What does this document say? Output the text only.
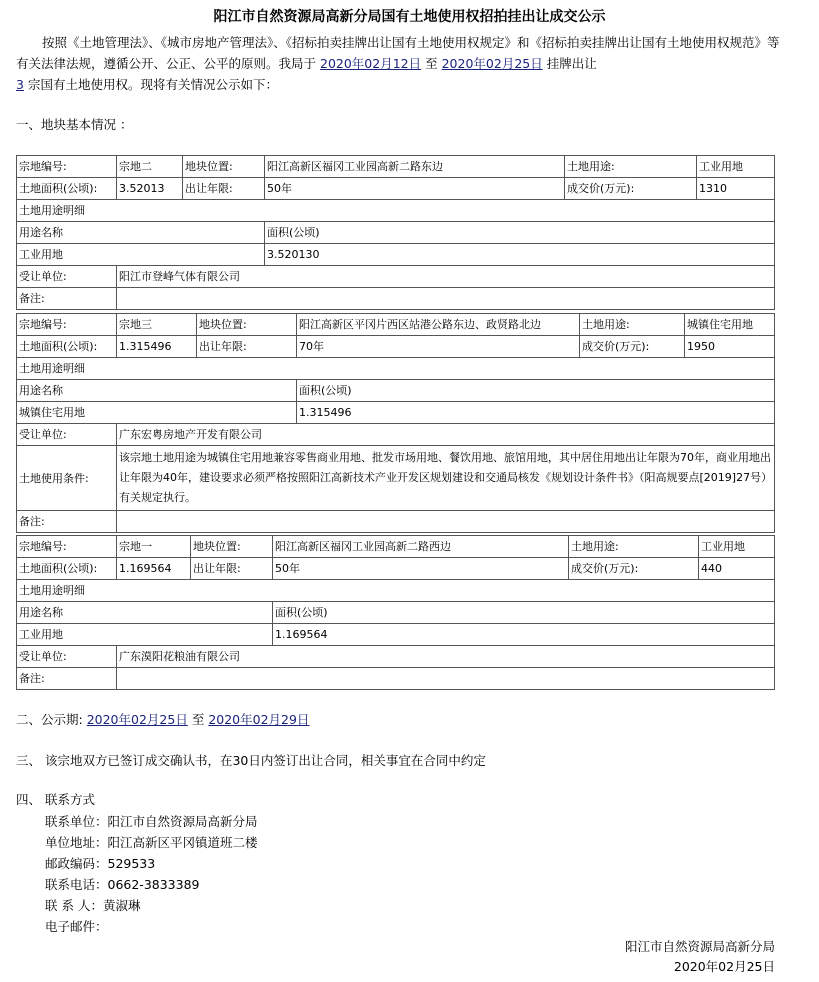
阳江市自然资源局高新分局国有土地使用权招拍挂出让成交公示
按照《土地管理法》、《城市房地产管理法》、《招标拍卖挂牌出让国有土地使用权规定》和《招标拍卖挂牌出让国有土地使用权规范》等有关法律法规，遵循公开、公正、公平的原则。我局于 2020年02月12日 至 2020年02月25日 挂牌出让
3 宗国有土地使用权。现将有关情况公示如下：
一、地块基本情况 ：
宗地编号:	宗地二	地块位置:	阳江高新区福冈工业园高新二路东边	土地用途:	工业用地
土地面积(公顷):	3.52013	出让年限:	50年	成交价(万元):	1310
土地用途明细					
用途名称			面积(公顷)		
工业用地			3.520130		
受让单位:	阳江市登峰气体有限公司				
备注:					
宗地编号:	宗地三	地块位置:	阳江高新区平冈片西区站港公路东边、政贤路北边	土地用途:	城镇住宅用地
土地面积(公顷):	1.315496	出让年限:	70年	成交价(万元):	1950
土地用途明细					
用途名称			面积(公顷)		
城镇住宅用地			1.315496		
受让单位:	广东宏粤房地产开发有限公司				
土地使用条件:	该宗地土地用途为城镇住宅用地兼容零售商业用地、批发市场用地、餐饮用地、旅馆用地，其中居住用地出让年限为70年，商业用地出让年限为40年，建设要求必须严格按照阳江高新技术产业开发区规划建设和交通局核发《规划设计条件书》（阳高规要点[2019]27号）有关规定执行。				
备注:					
宗地编号:	宗地一	地块位置:	阳江高新区福冈工业园高新二路西边	土地用途:	工业用地
土地面积(公顷):	1.169564	出让年限:	50年	成交价(万元):	440
土地用途明细					
用途名称			面积(公顷)		
工业用地			1.169564		
受让单位:	广东漠阳花粮油有限公司				
备注:					
二、公示期: 2020年02月25日 至 2020年02月29日
三、 该宗地双方已签订成交确认书，在30日内签订出让合同，相关事宜在合同中约定
四、 联系方式
联系单位：阳江市自然资源局高新分局
单位地址：阳江高新区平冈镇道班二楼
邮政编码：529533
联系电话：0662-3833389
联 系 人：黄淑琳
电子邮件：
阳江市自然资源局高新分局
2020年02月25日
